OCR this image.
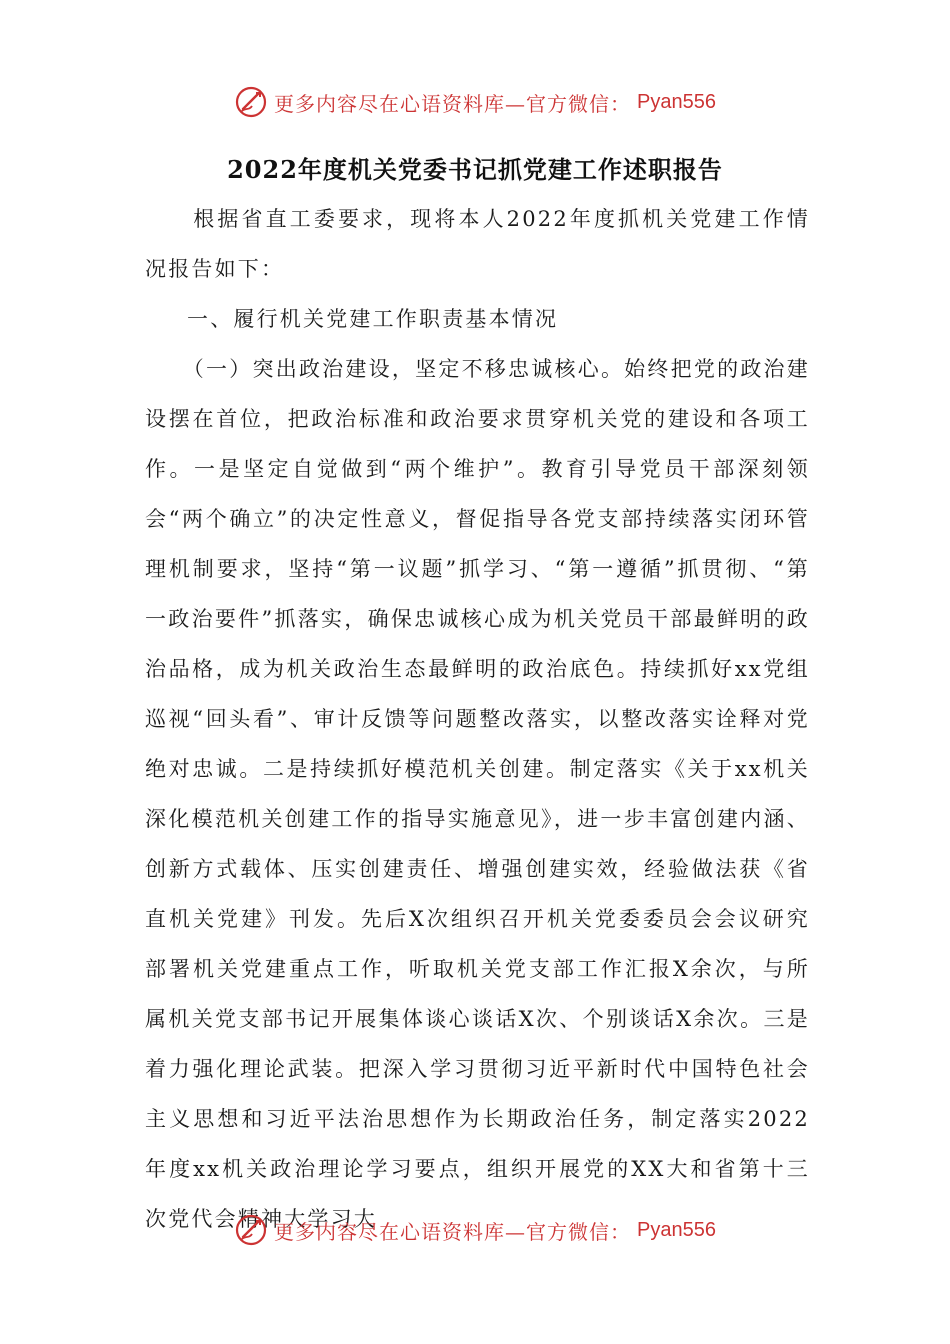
更多内容尽在心语资料库—官方微信： Pyan556
2022年度机关党委书记抓党建工作述职报告

根据省直工委要求，现将本人2022年度抓机关党建工作情况报告如下：

一、履行机关党建工作职责基本情况

（一）突出政治建设，坚定不移忠诚核心。始终把党的政治建设摆在首位，把政治标准和政治要求贯穿机关党的建设和各项工作。一是坚定自觉做到“两个维护”。教育引导党员干部深刻领会“两个确立”的决定性意义，督促指导各党支部持续落实闭环管理机制要求，坚持“第一议题”抓学习、“第一遵循”抓贯彻、“第一政治要件”抓落实，确保忠诚核心成为机关党员干部最鲜明的政治品格，成为机关政治生态最鲜明的政治底色。持续抓好xx党组巡视“回头看”、审计反馈等问题整改落实，以整改落实诠释对党绝对忠诚。二是持续抓好模范机关创建。制定落实《关于xx机关深化模范机关创建工作的指导实施意见》，进一步丰富创建内涵、创新方式载体、压实创建责任、增强创建实效，经验做法获《省直机关党建》刊发。先后X次组织召开机关党委委员会会议研究部署机关党建重点工作，听取机关党支部工作汇报X余次，与所属机关党支部书记开展集体谈心谈话X次、个别谈话X余次。三是着力强化理论武装。把深入学习贯彻习近平新时代中国特色社会主义思想和习近平法治思想作为长期政治任务，制定落实2022年度xx机关政治理论学习要点，组织开展党的XX大和省第十三次党代会精神大学习大

更多内容尽在心语资料库—官方微信： Pyan556
